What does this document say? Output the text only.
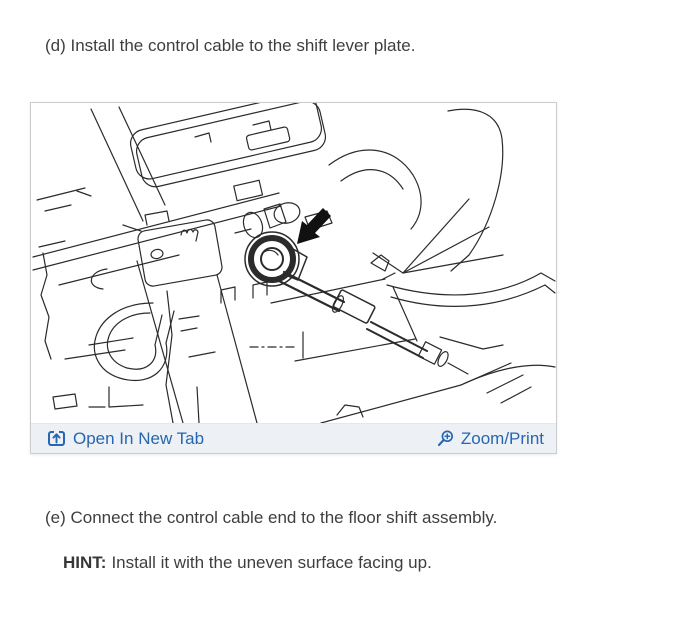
(d) Install the control cable to the shift lever plate.

Open In New Tab	Zoom/Print

(e) Connect the control cable end to the floor shift assembly.

HINT: Install it with the uneven surface facing up.
